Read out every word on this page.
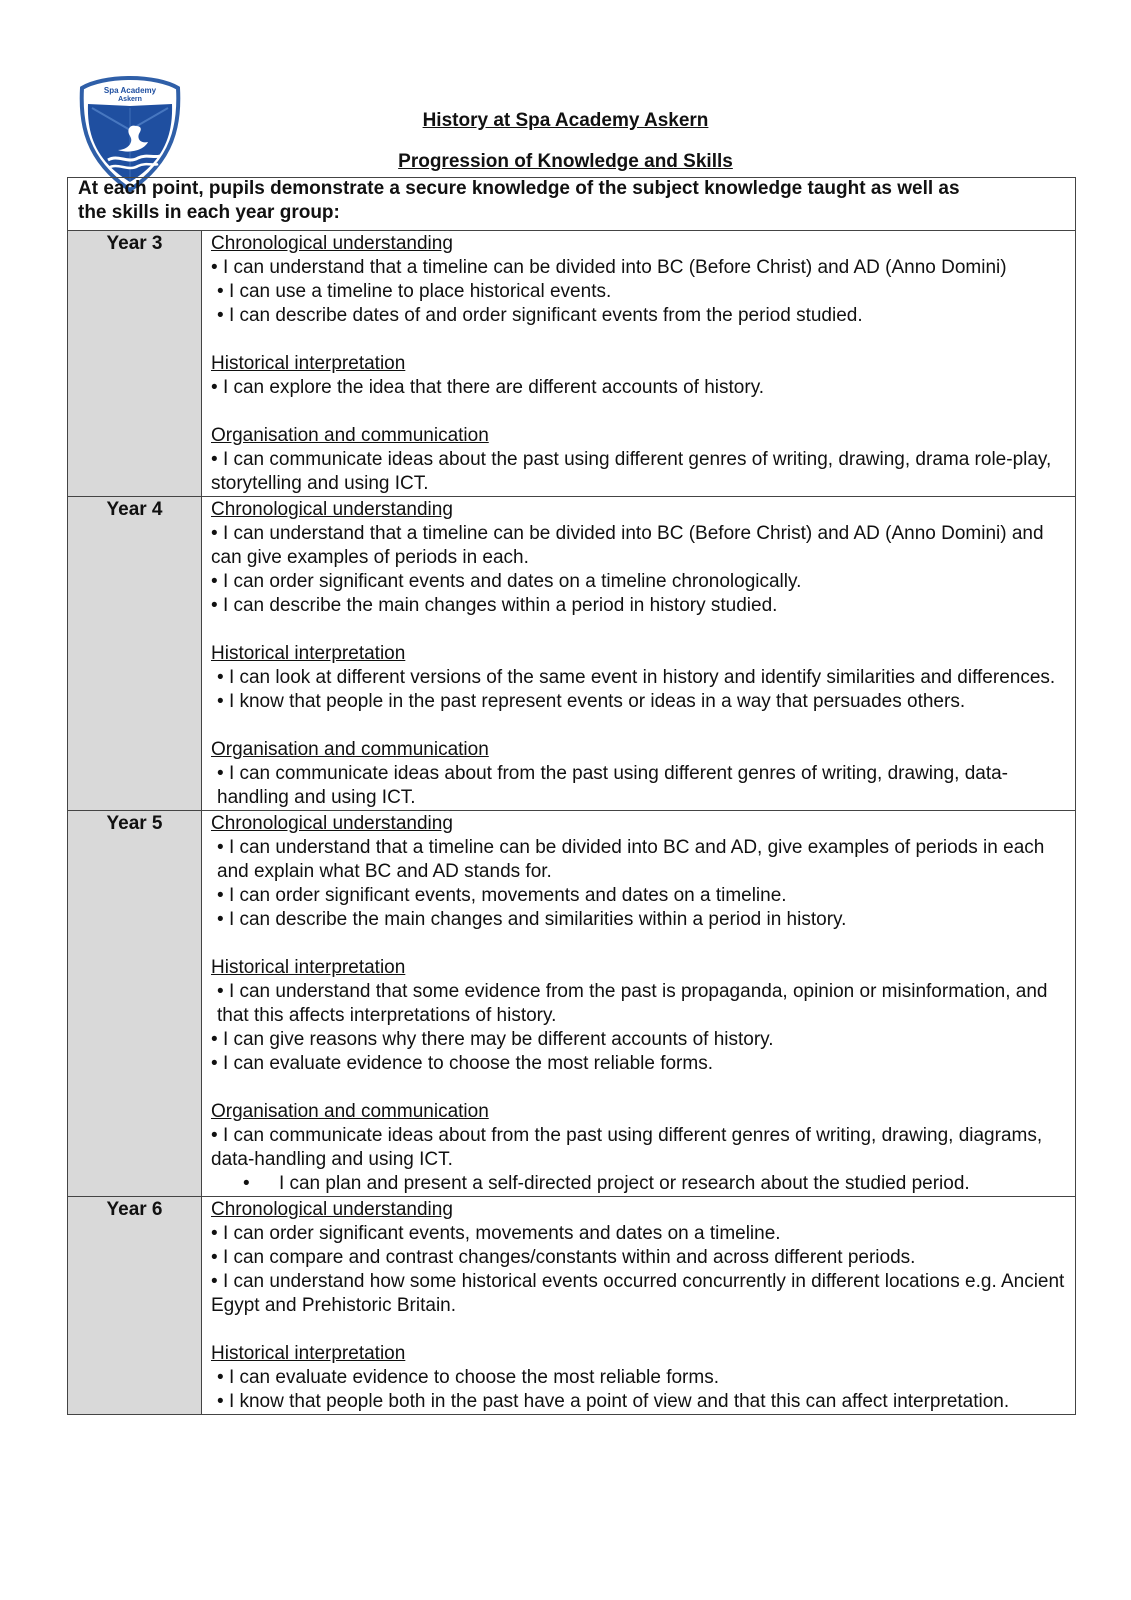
Spa Academy
Askern
History at Spa Academy Askern
Progression of Knowledge and Skills
At each point, pupils demonstrate a secure knowledge of the subject knowledge taught as well as
the skills in each year group:
Year 3	Chronological understanding
• I can understand that a timeline can be divided into BC (Before Christ) and AD (Anno Domini)
• I can use a timeline to place historical events.
• I can describe dates of and order significant events from the period studied.
Historical interpretation
• I can explore the idea that there are different accounts of history.
Organisation and communication
• I can communicate ideas about the past using different genres of writing, drawing, drama role-play, storytelling and using ICT.
Year 4	Chronological understanding
• I can understand that a timeline can be divided into BC (Before Christ) and AD (Anno Domini) and can give examples of periods in each.
• I can order significant events and dates on a timeline chronologically.
• I can describe the main changes within a period in history studied.
Historical interpretation
• I can look at different versions of the same event in history and identify similarities and differences.
• I know that people in the past represent events or ideas in a way that persuades others.
Organisation and communication
• I can communicate ideas about from the past using different genres of writing, drawing, data-handling and using ICT.
Year 5	Chronological understanding
• I can understand that a timeline can be divided into BC and AD, give examples of periods in each and explain what BC and AD stands for.
• I can order significant events, movements and dates on a timeline.
• I can describe the main changes and similarities within a period in history.
Historical interpretation
• I can understand that some evidence from the past is propaganda, opinion or misinformation, and that this affects interpretations of history.
• I can give reasons why there may be different accounts of history.
• I can evaluate evidence to choose the most reliable forms.
Organisation and communication
• I can communicate ideas about from the past using different genres of writing, drawing, diagrams, data-handling and using ICT.
• I can plan and present a self-directed project or research about the studied period.
Year 6	Chronological understanding
• I can order significant events, movements and dates on a timeline.
• I can compare and contrast changes/constants within and across different periods.
• I can understand how some historical events occurred concurrently in different locations e.g. Ancient Egypt and Prehistoric Britain.
Historical interpretation
• I can evaluate evidence to choose the most reliable forms.
• I know that people both in the past have a point of view and that this can affect interpretation.
